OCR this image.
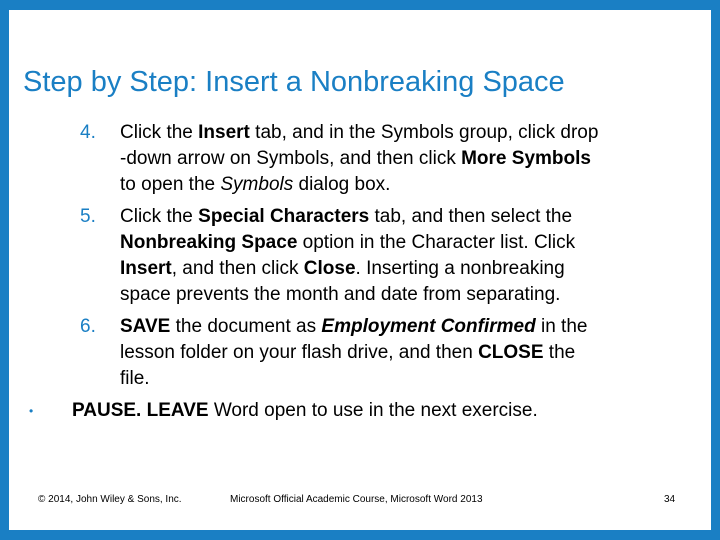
Step by Step: Insert a Nonbreaking Space
4. Click the Insert tab, and in the Symbols group, click drop
-down arrow on Symbols, and then click More Symbols
to open the Symbols dialog box.
5. Click the Special Characters tab, and then select the
Nonbreaking Space option in the Character list. Click
Insert, and then click Close. Inserting a nonbreaking
space prevents the month and date from separating.
6. SAVE the document as Employment Confirmed in the
lesson folder on your flash drive, and then CLOSE the
file.
• PAUSE. LEAVE Word open to use in the next exercise.
© 2014, John Wiley & Sons, Inc.	Microsoft Official Academic Course, Microsoft Word 2013	34
